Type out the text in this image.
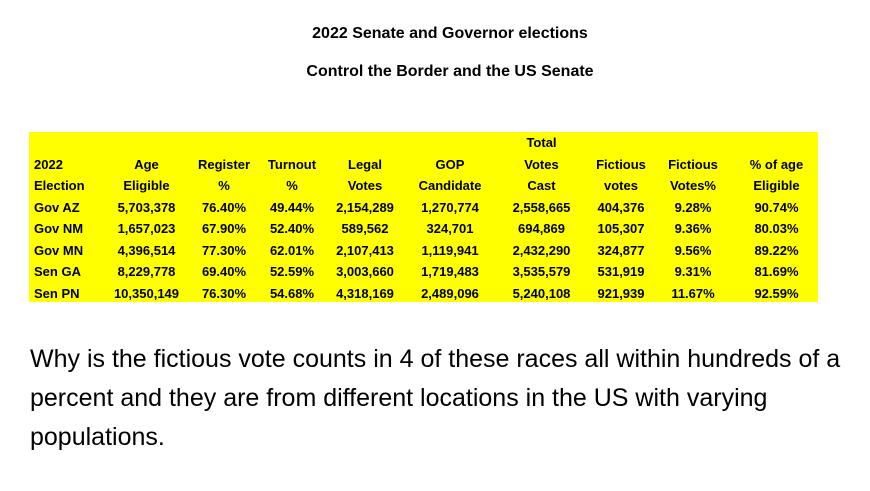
2022 Senate and Governor elections
Control the Border and the US Senate
						Total			
2022	Age	Register	Turnout	Legal	GOP	Votes	Fictious	Fictious	% of age
Election	Eligible	%	%	Votes	Candidate	Cast	votes	Votes%	Eligible
Gov AZ	5,703,378	76.40%	49.44%	2,154,289	1,270,774	2,558,665	404,376	9.28%	90.74%
Gov NM	1,657,023	67.90%	52.40%	589,562	324,701	694,869	105,307	9.36%	80.03%
Gov MN	4,396,514	77.30%	62.01%	2,107,413	1,119,941	2,432,290	324,877	9.56%	89.22%
Sen GA	8,229,778	69.40%	52.59%	3,003,660	1,719,483	3,535,579	531,919	9.31%	81.69%
Sen PN	10,350,149	76.30%	54.68%	4,318,169	2,489,096	5,240,108	921,939	11.67%	92.59%
Why is the fictious vote counts in 4 of these races all within hundreds of a percent and they are from different locations in the US with varying populations.
